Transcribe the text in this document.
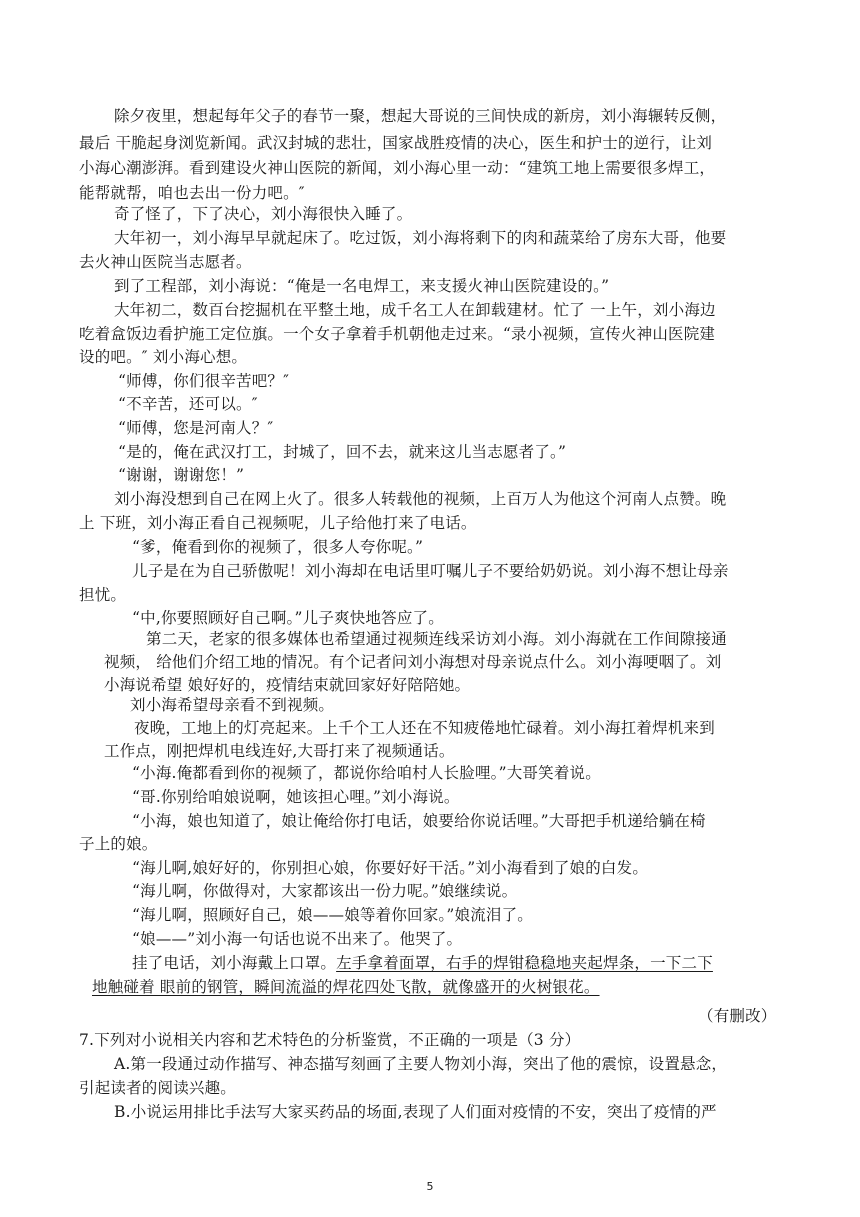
除夕夜里，想起每年父子的春节一聚，想起大哥说的三间快成的新房，刘小海辗转反侧，
最后 干脆起身浏览新闻。武汉封城的悲壮，国家战胜疫情的决心，医生和护士的逆行，让刘
小海心潮澎湃。看到建设火神山医院的新闻，刘小海心里一动：“建筑工地上需要很多焊工，
能帮就帮，咱也去出一份力吧。″
奇了怪了，下了决心，刘小海很快入睡了。
大年初一，刘小海早早就起床了。吃过饭，刘小海将剩下的肉和蔬菜给了房东大哥，他要
去火神山医院当志愿者。
到了工程部，刘小海说：“俺是一名电焊工，来支援火神山医院建设的。”
大年初二，数百台挖掘机在平整土地，成千名工人在卸载建材。忙了 一上午，刘小海边
吃着盒饭边看护施工定位旗。一个女子拿着手机朝他走过来。“录小视频，宣传火神山医院建
设的吧。″ 刘小海心想。
“师傅，你们很辛苦吧？″
“不辛苦，还可以。″
“师傅，您是河南人？″
“是的，俺在武汉打工，封城了，回不去，就来这儿当志愿者了。”
“谢谢，谢谢您！”
刘小海没想到自己在网上火了。很多人转载他的视频，上百万人为他这个河南人点赞。晚
上 下班，刘小海正看自己视频呢，儿子给他打来了电话。
“爹，俺看到你的视频了，很多人夸你呢。”
儿子是在为自己骄傲呢！刘小海却在电话里叮嘱儿子不要给奶奶说。刘小海不想让母亲
担忧。
“中,你要照顾好自己啊。”儿子爽快地答应了。
第二天，老家的很多媒体也希望通过视频连线采访刘小海。刘小海就在工作间隙接通
视频， 给他们介绍工地的情况。有个记者问刘小海想对母亲说点什么。刘小海哽咽了。刘
小海说希望 娘好好的，疫情结束就回家好好陪陪她。
刘小海希望母亲看不到视频。
夜晚，工地上的灯亮起来。上千个工人还在不知疲倦地忙碌着。刘小海扛着焊机来到
工作点，刚把焊机电线连好,大哥打来了视频通话。
“小海.俺都看到你的视频了，都说你给咱村人长脸哩。”大哥笑着说。
“哥.你别给咱娘说啊，她该担心哩。”刘小海说。
“小海，娘也知道了，娘让俺给你打电话，娘要给你说话哩。”大哥把手机递给躺在椅
子上的娘。
“海儿啊,娘好好的，你别担心娘，你要好好干活。”刘小海看到了娘的白发。
“海儿啊，你做得对，大家都该出一份力呢。”娘继续说。
“海儿啊，照顾好自己，娘——娘等着你回家。”娘流泪了。
“娘——”刘小海一句话也说不出来了。他哭了。
挂了电话，刘小海戴上口罩。左手拿着面罩，右手的焊钳稳稳地夹起焊条，一下二下
地触碰着 眼前的钢管，瞬间流溢的焊花四处飞散，就像盛开的火树银花。
（有删改）
7.下列对小说相关内容和艺术特色的分析鉴赏，不正确的一项是（3 分）
A.第一段通过动作描写、神态描写刻画了主要人物刘小海，突出了他的震惊，设置悬念，
引起读者的阅读兴趣。
B.小说运用排比手法写大家买药品的场面,表现了人们面对疫情的不安，突出了疫情的严
5
